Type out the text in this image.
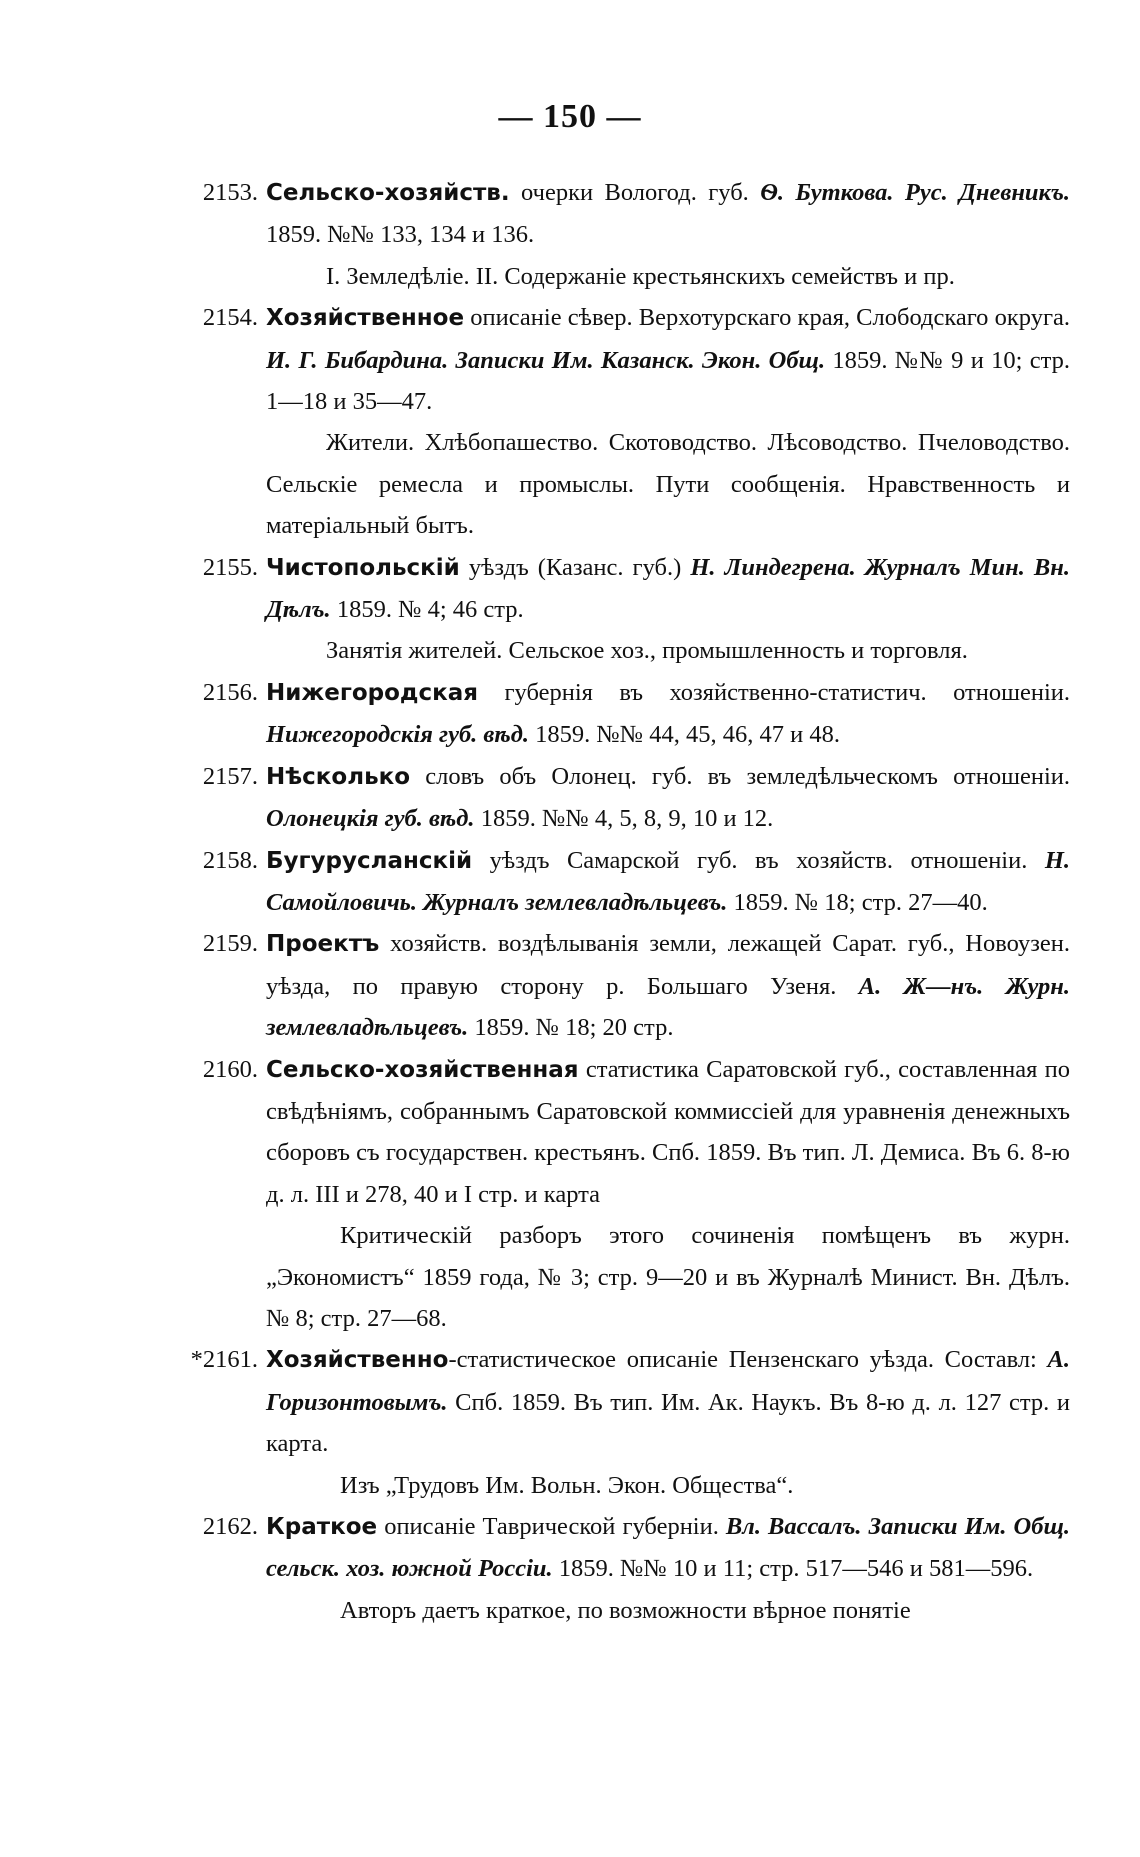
— 150 —
2153. Сельско-хозяйств. очерки Вологод. губ. Ѳ. Буткова. Рус. Дневникъ. 1859. №№ 133, 134 и 136.

I. Земледѣліе. II. Содержаніе крестьянскихъ семействъ и пр.

2154. Хозяйственное описаніе сѣвер. Верхотурскаго края, Слободскаго округа. И. Г. Бибардина. Записки Им. Казанск. Экон. Общ. 1859. №№ 9 и 10; стр. 1—18 и 35—47.

Жители. Хлѣбопашество. Скотоводство. Лѣсоводство. Пчеловодство. Сельскіе ремесла и промыслы. Пути сообщенія. Нравственность и матеріальный бытъ.

2155. Чистопольскій уѣздъ (Казанс. губ.) Н. Линдегрена. Журналъ Мин. Вн. Дѣлъ. 1859. № 4; 46 стр.

Занятія жителей. Сельское хоз., промышленность и торговля.

2156. Нижегородская губернія въ хозяйственно-статистич. отношеніи. Нижегородскія губ. вѣд. 1859. №№ 44, 45, 46, 47 и 48.

2157. Нѣсколько словъ объ Олонец. губ. въ земледѣльческомъ отношеніи. Олонецкія губ. вѣд. 1859. №№ 4, 5, 8, 9, 10 и 12.

2158. Бугурусланскій уѣздъ Самарской губ. въ хозяйств. отношеніи. Н. Самойловичь. Журналъ землевладѣльцевъ. 1859. № 18; стр. 27—40.

2159. Проектъ хозяйств. воздѣлыванія земли, лежащей Сарат. губ., Новоузен. уѣзда, по правую сторону р. Большаго Узеня. А. Ж—нъ. Журн. землевладѣльцевъ. 1859. № 18; 20 стр.

2160. Сельско-хозяйственная статистика Саратовской губ., составленная по свѣдѣніямъ, собраннымъ Саратовской коммиссіей для уравненія денежныхъ сборовъ съ государствен. крестьянъ. Спб. 1859. Въ тип. Л. Демиса. Въ 6. 8-ю д. л. III и 278, 40 и I стр. и карта

Критическій разборъ этого сочиненія помѣщенъ въ журн. „Экономистъ“ 1859 года, № 3; стр. 9—20 и въ Журналѣ Минист. Вн. Дѣлъ. № 8; стр. 27—68.

*2161. Хозяйственно-статистическое описаніе Пензенскаго уѣзда. Составл: А. Горизонтовымъ. Спб. 1859. Въ тип. Им. Ак. Наукъ. Въ 8-ю д. л. 127 стр. и карта.

Изъ „Трудовъ Им. Вольн. Экон. Общества“.

2162. Краткое описаніе Таврической губерніи. Вл. Вассалъ. Записки Им. Общ. сельск. хоз. южной Россіи. 1859. №№ 10 и 11; стр. 517—546 и 581—596.

Авторъ даетъ краткое, по возможности вѣрное понятіе
